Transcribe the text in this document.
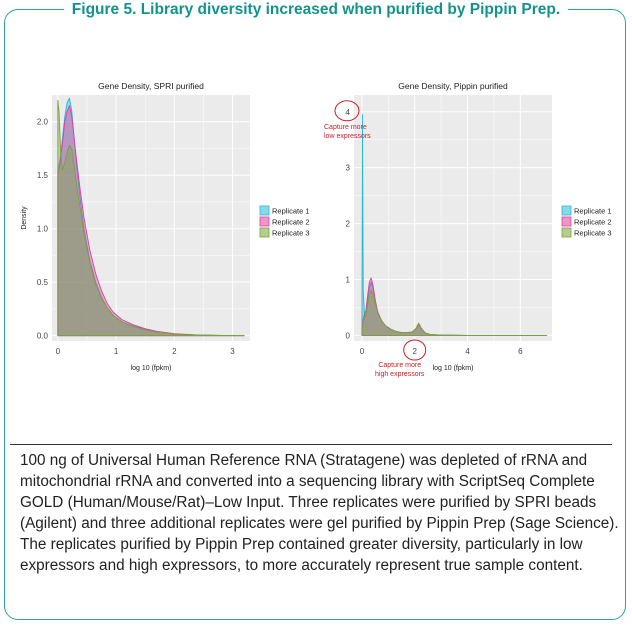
Figure 5. Library diversity increased when purified by Pippin Prep.
Gene Density, SPRI purified
0	1	2	3
0.0
0.5
1.0
1.5
2.0
log 10 (fpkm)
Density	Replicate 1
Replicate 2
Replicate 3
Gene Density, Pippin purified
0	2	4	6
0
1
2
3
4
log 10 (fpkm)
Replicate 1
Replicate 2
Replicate 3
Capture more
low expressors
Capture more
high expressors

100 ng of Universal Human Reference RNA (Stratagene) was depleted of rRNA and mitochondrial rRNA and converted into a sequencing library with ScriptSeq Complete GOLD (Human/Mouse/Rat)–Low Input. Three replicates were purified by SPRI beads (Agilent) and three additional replicates were gel purified by Pippin Prep (Sage Science). The replicates purified by Pippin Prep contained greater diversity, particularly in low expressors and high expressors, to more accurately represent true sample content.
